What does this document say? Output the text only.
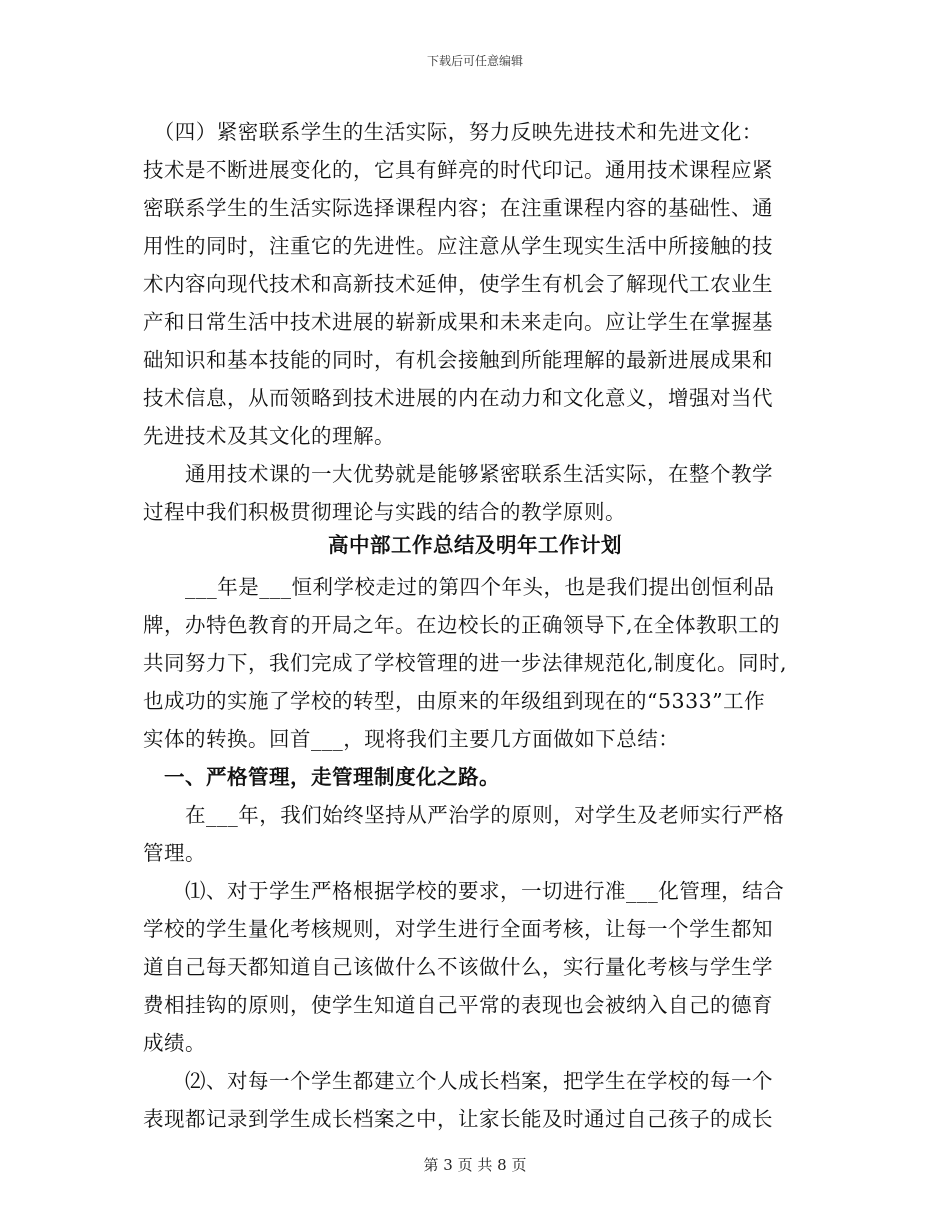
下载后可任意编辑
　（四）紧密联系学生的生活实际，努力反映先进技术和先进文化：
技术是不断进展变化的，它具有鲜亮的时代印记。通用技术课程应紧
密联系学生的生活实际选择课程内容；在注重课程内容的基础性、通
用性的同时，注重它的先进性。应注意从学生现实生活中所接触的技
术内容向现代技术和高新技术延伸，使学生有机会了解现代工农业生
产和日常生活中技术进展的崭新成果和未来走向。应让学生在掌握基
础知识和基本技能的同时，有机会接触到所能理解的最新进展成果和
技术信息，从而领略到技术进展的内在动力和文化意义，增强对当代
先进技术及其文化的理解。
　　通用技术课的一大优势就是能够紧密联系生活实际，在整个教学
过程中我们积极贯彻理论与实践的结合的教学原则。
高中部工作总结及明年工作计划
　　___年是___恒利学校走过的第四个年头，也是我们提出创恒利品
牌，办特色教育的开局之年。在边校长的正确领导下,在全体教职工的
共同努力下，我们完成了学校管理的进一步法律规范化,制度化。同时,
也成功的实施了学校的转型，由原来的年级组到现在的“5333”工作
实体的转换。回首___，现将我们主要几方面做如下总结：
　一、严格管理，走管理制度化之路。
　　在___年，我们始终坚持从严治学的原则，对学生及老师实行严格
管理。
　　⑴、对于学生严格根据学校的要求，一切进行准___化管理，结合
学校的学生量化考核规则，对学生进行全面考核，让每一个学生都知
道自己每天都知道自己该做什么不该做什么，实行量化考核与学生学
费相挂钩的原则，使学生知道自己平常的表现也会被纳入自己的德育
成绩。
　　⑵、对每一个学生都建立个人成长档案，把学生在学校的每一个
表现都记录到学生成长档案之中，让家长能及时通过自己孩子的成长
第 3 页 共 8 页
